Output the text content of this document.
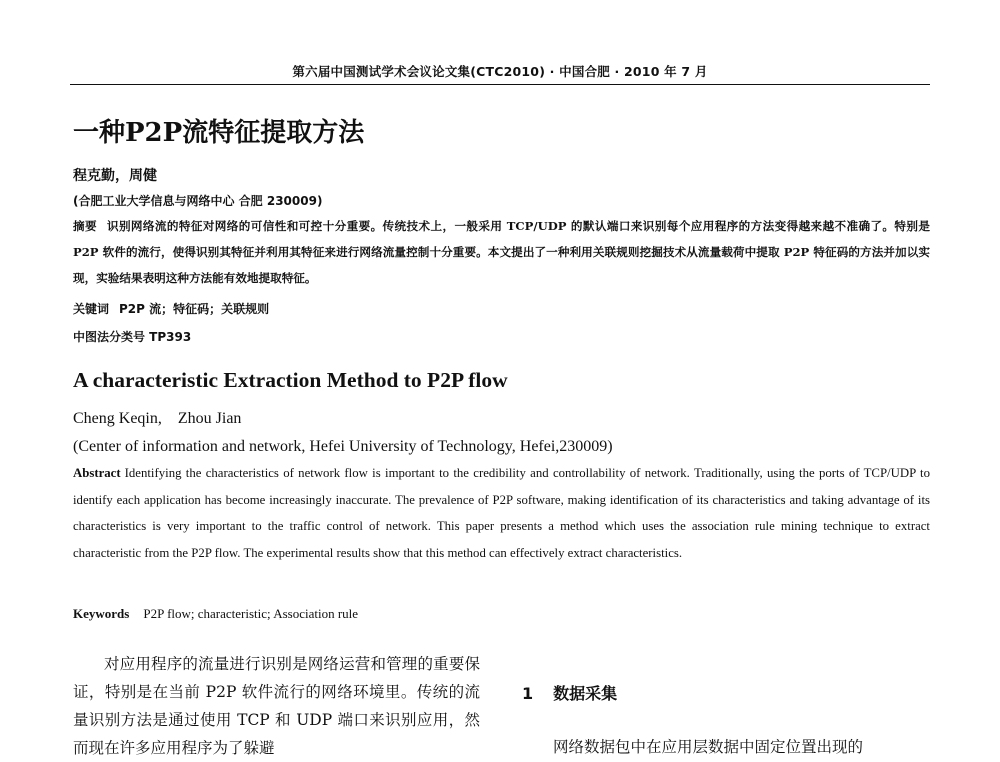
第六届中国测试学术会议论文集(CTC2010) · 中国合肥 · 2010 年 7 月
一种P2P流特征提取方法
程克勤，周健
(合肥工业大学信息与网络中心 合肥 230009)
摘要 识别网络流的特征对网络的可信性和可控十分重要。传统技术上，一般采用 TCP/UDP 的默认端口来识别每个应用程序的方法变得越来越不准确了。特别是 P2P 软件的流行，使得识别其特征并利用其特征来进行网络流量控制十分重要。本文提出了一种利用关联规则挖掘技术从流量载荷中提取 P2P 特征码的方法并加以实现，实验结果表明这种方法能有效地提取特征。
关键词 P2P 流；特征码；关联规则
中图法分类号 TP393
A characteristic Extraction Method to P2P flow
Cheng Keqin,    Zhou Jian
(Center of information and network, Hefei University of Technology, Hefei,230009)
Abstract Identifying the characteristics of network flow is important to the credibility and controllability of network. Traditionally, using the ports of TCP/UDP to identify each application has become increasingly inaccurate. The prevalence of P2P software, making identification of its characteristics and taking advantage of its characteristics is very important to the traffic control of network. This paper presents a method which uses the association rule mining technique to extract characteristic from the P2P flow. The experimental results show that this method can effectively extract characteristics.
Keywords P2P flow; characteristic; Association rule
对应用程序的流量进行识别是网络运营和管理的重要保证，特别是在当前 P2P 软件流行的网络环境里。传统的流量识别方法是通过使用 TCP 和 UDP 端口来识别应用，然而现在许多应用程序为了躲避
1 数据采集
网络数据包中在应用层数据中固定位置出现的
